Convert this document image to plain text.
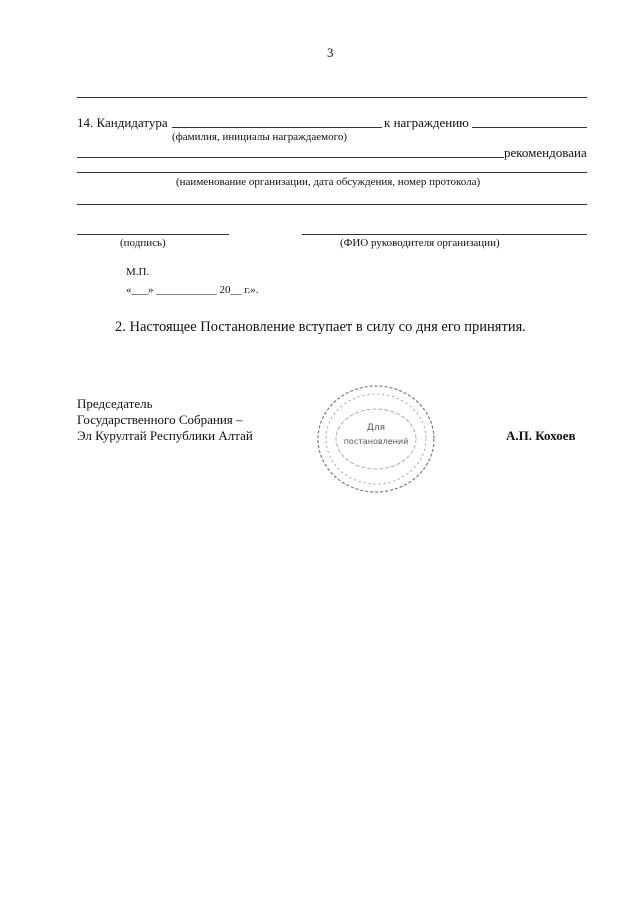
3
14. Кандидатура	к награждению
(фамилия, инициалы награждаемого)
рекомендоваиа
(наименование организации, дата обсуждения, номер протокола)
(подпись)	(ФИО руководителя организации)
М.П.
«___» ___________ 20__ г.».
2. Настоящее Постановление вступает в силу со дня его принятия.
Председатель
Государственного Собрания –
Эл Курултай Республики Алтай	А.П. Кохоев
Для
постановлений
